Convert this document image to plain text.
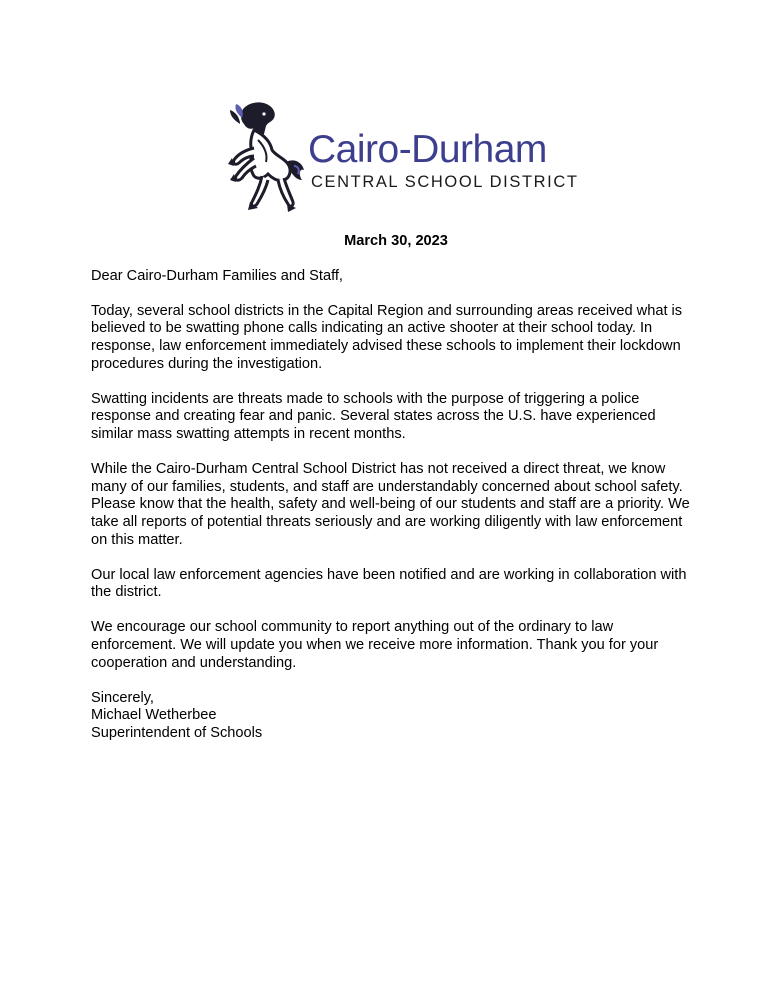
Cairo-Durham
CENTRAL SCHOOL DISTRICT
March 30, 2023

Dear Cairo-Durham Families and Staff,

Today, several school districts in the Capital Region and surrounding areas received what is believed to be swatting phone calls indicating an active shooter at their school today. In response, law enforcement immediately advised these schools to implement their lockdown procedures during the investigation.

Swatting incidents are threats made to schools with the purpose of triggering a police response and creating fear and panic. Several states across the U.S. have experienced similar mass swatting attempts in recent months.

While the Cairo-Durham Central School District has not received a direct threat, we know many of our families, students, and staff are understandably concerned about school safety. Please know that the health, safety and well-being of our students and staff are a priority. We take all reports of potential threats seriously and are working diligently with law enforcement on this matter.

Our local law enforcement agencies have been notified and are working in collaboration with the district.

We encourage our school community to report anything out of the ordinary to law enforcement. We will update you when we receive more information. Thank you for your cooperation and understanding.

Sincerely,
Michael Wetherbee
Superintendent of Schools
